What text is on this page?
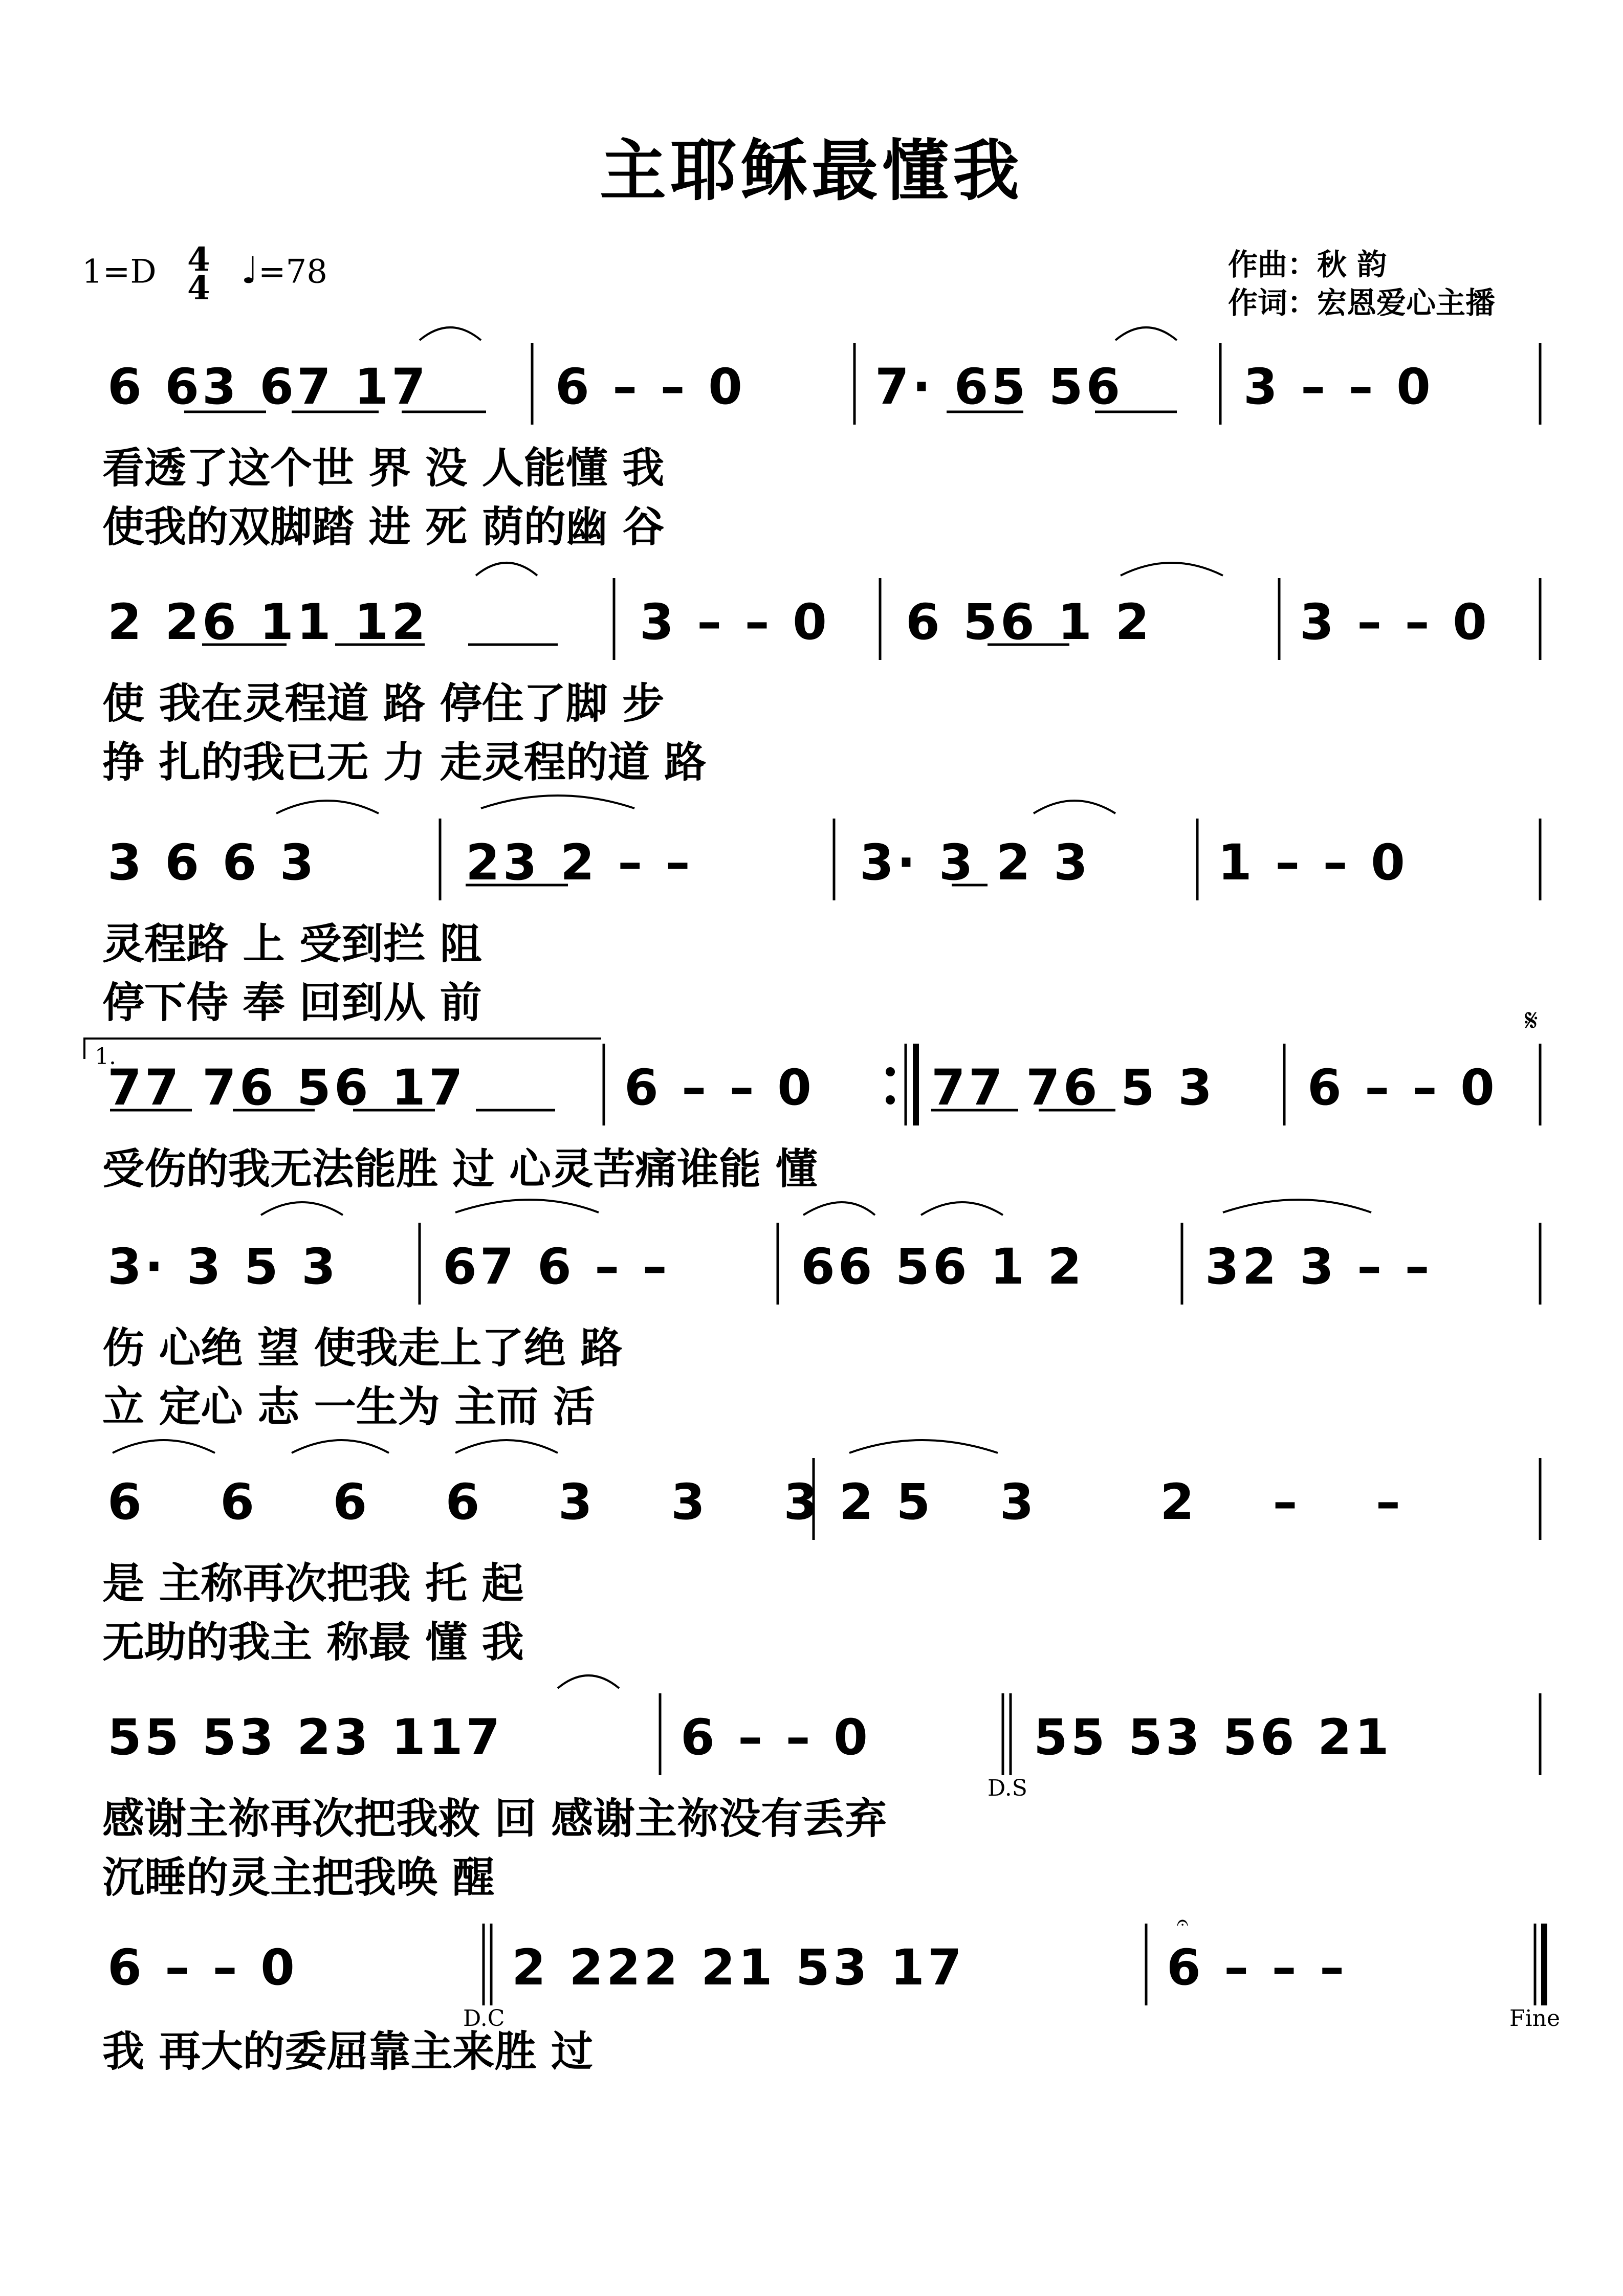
主耶稣最懂我
1=D 4
4 ♩=78	作曲：秋 韵
作词：宏恩爱心主播
6 63 67 17	6 – – 0	7· 65 56 3 – – 0
看透了这个世 界 没 人能懂 我
使我的双脚踏 进 死 荫的幽 谷
2 26 11 12	3 – – 0 6 56 1 2	3 – – 0
使 我在灵程道 路 停住了脚 步
挣 扎的我已无 力 走灵程的道 路
3 6 6 3	23 2 – –	3· 3 2 3	1 – – 0
灵程路 上 受到拦 阻
停下侍 奉 回到从 前
1.
𝄋
77 76 56 17	6 – – 0 77 76 5 3 6 – – 0
受伤的我无法能胜 过 心灵苦痛谁能 懂
3· 3 5 3 67 6 – –	66 56 1 2 32 3 – –
伤 心绝 望 使我走上了绝 路
立 定心 志 一生为 主而 活
6 6 6 6 3 3 3 5
2  3  2 – –
是 主称再次把我 托 起
无助的我主 称最 懂 我
55 53 23 117	6 – – 0	55 53 56 21
D.S
感谢主祢再次把我救 回 感谢主祢没有丢弃
沉睡的灵主把我唤 醒
6 – – 0	2 222 21 53 17	6 – – –
𝄐
D.C	Fine
我 再大的委屈靠主来胜 过
